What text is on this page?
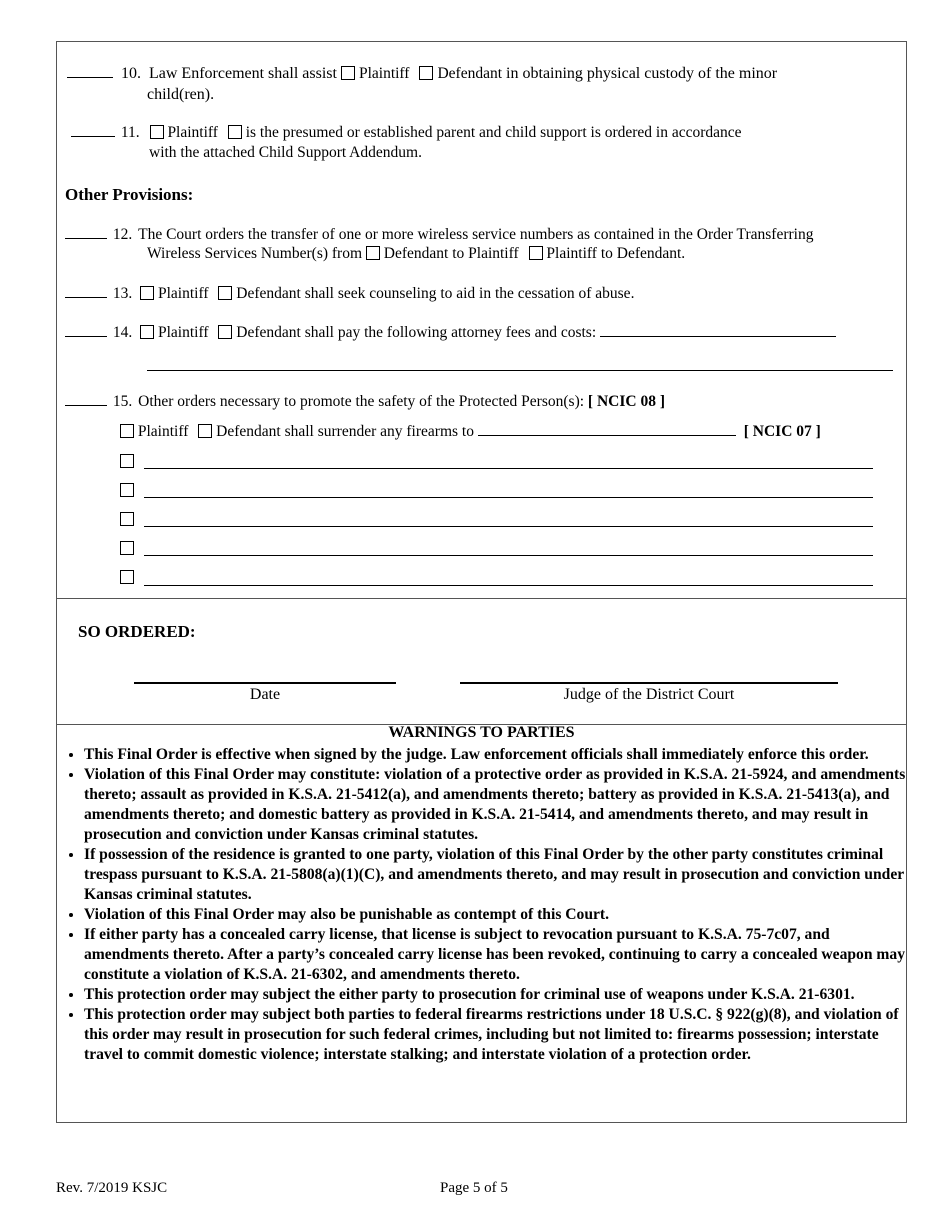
10. Law Enforcement shall assist Plaintiff Defendant in obtaining physical custody of the minor
child(ren).
11. Plaintiff is the presumed or established parent and child support is ordered in accordance
with the attached Child Support Addendum.
Other Provisions:
12. The Court orders the transfer of one or more wireless service numbers as contained in the Order Transferring
Wireless Services Number(s) from Defendant to Plaintiff Plaintiff to Defendant.
13. Plaintiff Defendant shall seek counseling to aid in the cessation of abuse.
14. Plaintiff Defendant shall pay the following attorney fees and costs:
15. Other orders necessary to promote the safety of the Protected Person(s): [ NCIC 08 ]
Plaintiff Defendant shall surrender any firearms to	[ NCIC 07 ]
SO ORDERED:
Date	Judge of the District Court
WARNINGS TO PARTIES
• This Final Order is effective when signed by the judge. Law enforcement officials shall immediately enforce this order.
• Violation of this Final Order may constitute: violation of a protective order as provided in K.S.A. 21-5924, and amendments thereto; assault as provided in K.S.A. 21-5412(a), and amendments thereto; battery as provided in K.S.A. 21-5413(a), and amendments thereto; and domestic battery as provided in K.S.A. 21-5414, and amendments thereto, and may result in prosecution and conviction under Kansas criminal statutes.
• If possession of the residence is granted to one party, violation of this Final Order by the other party constitutes criminal trespass pursuant to K.S.A. 21-5808(a)(1)(C), and amendments thereto, and may result in prosecution and conviction under Kansas criminal statutes.
• Violation of this Final Order may also be punishable as contempt of this Court.
• If either party has a concealed carry license, that license is subject to revocation pursuant to K.S.A. 75-7c07, and amendments thereto. After a party’s concealed carry license has been revoked, continuing to carry a concealed weapon may constitute a violation of K.S.A. 21-6302, and amendments thereto.
• This protection order may subject the either party to prosecution for criminal use of weapons under K.S.A. 21-6301.
• This protection order may subject both parties to federal firearms restrictions under 18 U.S.C. § 922(g)(8), and violation of this order may result in prosecution for such federal crimes, including but not limited to: firearms possession; interstate travel to commit domestic violence; interstate stalking; and interstate violation of a protection order.
Rev. 7/2019 KSJC	Page 5 of 5
